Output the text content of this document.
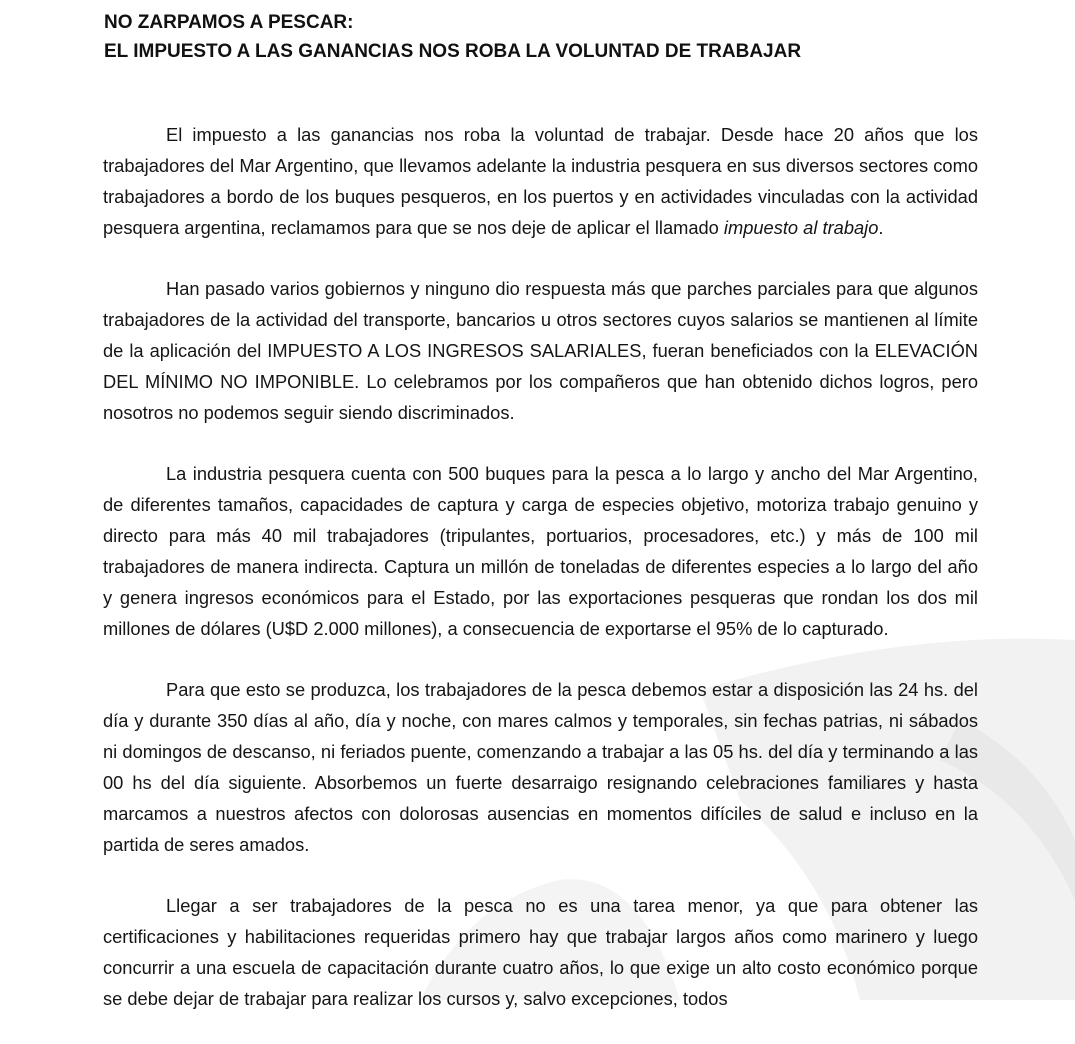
NO ZARPAMOS A PESCAR:
EL IMPUESTO A LAS GANANCIAS NOS ROBA LA VOLUNTAD DE TRABAJAR

El impuesto a las ganancias nos roba la voluntad de trabajar. Desde hace 20 años que los trabajadores del Mar Argentino, que llevamos adelante la industria pesquera en sus diversos sectores como trabajadores a bordo de los buques pesqueros, en los puertos y en actividades vinculadas con la actividad pesquera argentina, reclamamos para que se nos deje de aplicar el llamado impuesto al trabajo.

Han pasado varios gobiernos y ninguno dio respuesta más que parches parciales para que algunos trabajadores de la actividad del transporte, bancarios u otros sectores cuyos salarios se mantienen al límite de la aplicación del IMPUESTO A LOS INGRESOS SALARIALES, fueran beneficiados con la ELEVACIÓN DEL MÍNIMO NO IMPONIBLE. Lo celebramos por los compañeros que han obtenido dichos logros, pero nosotros no podemos seguir siendo discriminados.

La industria pesquera cuenta con 500 buques para la pesca a lo largo y ancho del Mar Argentino, de diferentes tamaños, capacidades de captura y carga de especies objetivo, motoriza trabajo genuino y directo para más 40 mil trabajadores (tripulantes, portuarios, procesadores, etc.) y más de 100 mil trabajadores de manera indirecta. Captura un millón de toneladas de diferentes especies a lo largo del año y genera ingresos económicos para el Estado, por las exportaciones pesqueras que rondan los dos mil millones de dólares (U$D 2.000 millones), a consecuencia de exportarse el 95% de lo capturado.

Para que esto se produzca, los trabajadores de la pesca debemos estar a disposición las 24 hs. del día y durante 350 días al año, día y noche, con mares calmos y temporales, sin fechas patrias, ni sábados ni domingos de descanso, ni feriados puente, comenzando a trabajar a las 05 hs. del día y terminando a las 00 hs del día siguiente. Absorbemos un fuerte desarraigo resignando celebraciones familiares y hasta marcamos a nuestros afectos con dolorosas ausencias en momentos difíciles de salud e incluso en la partida de seres amados.

Llegar a ser trabajadores de la pesca no es una tarea menor, ya que para obtener las certificaciones y habilitaciones requeridas primero hay que trabajar largos años como marinero y luego concurrir a una escuela de capacitación durante cuatro años, lo que exige un alto costo económico porque se debe dejar de trabajar para realizar los cursos y, salvo excepciones, todos
